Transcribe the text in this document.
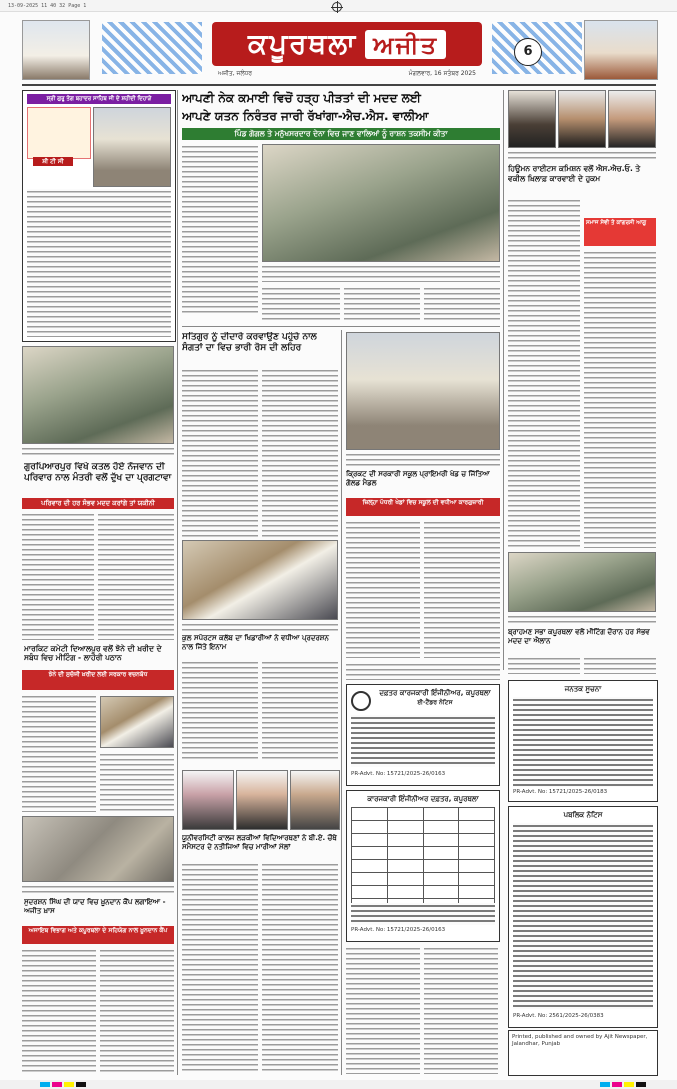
13-09-2025 11 40 32 Page 1
ਕਪੂਰਥਲਾ ਅਜੀਤ
ਅਜੀਤ, ਜਲੰਧਰ	ਮੰਗਲਵਾਰ, 16 ਸਤੰਬਰ 2025
6
ਸ੍ਰੀ ਗੁਰੂ ਤੇਗ ਬਹਾਦਰ ਸਾਹਿਬ ਜੀ ਦੇ ਸ਼ਹੀਦੀ ਦਿਹਾੜੇ
ਸ਼ੀ ਟੀ ਸੀ
ਗੁਰਪਿਆਰਪੁਰ ਵਿਖੇ ਕਤਲ ਹੋਏ ਨੌਜਵਾਨ ਦੀ ਪਰਿਵਾਰ ਨਾਲ ਮੰਤਰੀ ਵਲੋਂ ਦੁੱਖ ਦਾ ਪ੍ਰਗਟਾਵਾ
ਪਰਿਵਾਰ ਦੀ ਹਰ ਸੰਭਵ ਮਦਦ ਕਰਾਂਗੇ ਤਾਂ ਯਕੀਨੀ
ਮਾਰਕਿਟ ਕਮੇਟੀ ਦਿਆਲਪੁਰ ਵਲੋਂ ਝੋਨੇ ਦੀ ਖ਼ਰੀਦ ਦੇ ਸਬੰਧ ਵਿਚ ਮੀਟਿੰਗ - ਲਾਹੌਰੀ ਪਠਾਨ
ਝੋਨੇ ਦੀ ਸੁਚੱਜੀ ਖ਼ਰੀਦ ਲਈ ਸਰਕਾਰ ਵਚਨਬੱਧ
ਸੁਦਰਸ਼ਨ ਸਿੰਘ ਦੀ ਯਾਦ ਵਿਚ ਖ਼ੂਨਦਾਨ ਕੈਂਪ ਲਗਾਇਆ - ਅਜੀਤ ਖ਼ਾਸ
ਅਜਾਇਬ ਵਿਭਾਗ ਅਤੇ ਕਪੂਰਥਲਾ ਦੇ ਸਹਿਯੋਗ ਨਾਲ ਖ਼ੂਨਦਾਨ ਕੈਂਪ
ਆਪਣੀ ਨੇਕ ਕਮਾਈ ਵਿਚੋਂ ਹੜ੍ਹ ਪੀੜਤਾਂ ਦੀ ਮਦਦ ਲਈ
ਆਪਣੇ ਯਤਨ ਨਿਰੰਤਰ ਜਾਰੀ ਰੱਖਾਂਗਾ-ਐਚ.ਐਸ. ਵਾਲੀਆ
ਪਿੰਡ ਗੋਗਲ ਤੇ ਮਨੁੱਖਸਰਦਾਰ ਦੇਨਾ ਵਿਚ ਜਾਣ ਵਾਲਿਆਂ ਨੂੰ ਰਾਸ਼ਨ ਤਕਸੀਮ ਕੀਤਾ
ਸਤਿਗੁਰ ਨੂੰ ਦੀਦਾਰੇ ਕਰਵਾਉਣ ਪਹੁੰਚੇ ਨਾਲ ਸੰਗਤਾਂ ਦਾ ਵਿਚ ਭਾਰੀ ਰੋਸ ਦੀ ਲਹਿਰ
ਕੁਲ ਸਪੋਰਟਸ ਕਲੱਬ ਦਾ ਖਿਡਾਰੀਆਂ ਨੇ ਵਧੀਆ ਪ੍ਰਦਰਸ਼ਨ ਨਾਲ ਜਿੱਤੇ ਇਨਾਮ
ਯੂਨੀਵਰਸਿਟੀ ਕਾਲਜ ਲੜਕੀਆਂ ਵਿਦਿਆਰਥਣਾਂ ਨੇ ਬੀ.ਏ. ਚੌਥੇ ਸਮੈਸਟਰ ਦੇ ਨਤੀਜਿਆਂ ਵਿਚ ਮਾਰੀਆਂ ਮੱਲਾਂ
ਕ੍ਰਿਕਟ ਦੀ ਸਰਕਾਰੀ ਸਕੂਲ ਪ੍ਰਾਇਮਰੀ ਖੇਡ ਚ ਜਿੱਤਿਆ ਗੋਲਡ ਮੈਡਲ
ਜ਼ਿਲ੍ਹਾ ਪੱਧਰੀ ਖੇਡਾਂ ਵਿਚ ਸਕੂਲ ਦੀ ਵਧੀਆ ਕਾਰਗੁਜ਼ਾਰੀ
ਹਿਊਮਨ ਰਾਈਟਸ ਕਮਿਸ਼ਨ ਵਲੋਂ ਐਸ.ਐਚ.ਓ. ਤੇ ਵਕੀਲ ਖ਼ਿਲਾਫ਼ ਕਾਰਵਾਈ ਦੇ ਹੁਕਮ
ਸਮਾਜ ਸੇਵੀ ਤੇ ਕਾਂਗਰਸੀ ਆਗੂ
ਬ੍ਰਾਹਮਣ ਸਭਾ ਕਪੂਰਥਲਾ ਵਲੋਂ ਮੀਟਿੰਗ ਦੌਰਾਨ ਹਰ ਸੰਭਵ ਮਦਦ ਦਾ ਐਲਾਨ
ਦਫ਼ਤਰ ਕਾਰਜਕਾਰੀ ਇੰਜੀਨੀਅਰ, ਕਪੂਰਥਲਾ
ਈ-ਟੈਂਡਰ ਨੋਟਿਸ
PR-Advt. No: 15721/2025-26/0163
ਜਨਤਕ ਸੂਚਨਾ
PR-Advt. No: 15721/2025-26/0183
ਕਾਰਜਕਾਰੀ ਇੰਜੀਨੀਅਰ ਦਫ਼ਤਰ, ਕਪੂਰਥਲਾ

PR-Advt. No: 15721/2025-26/0163
ਪਬਲਿਕ ਨੋਟਿਸ
PR-Advt. No: 2561/2025-26/0383
Printed, published and owned by Ajit Newspaper, Jalandhar, Punjab
